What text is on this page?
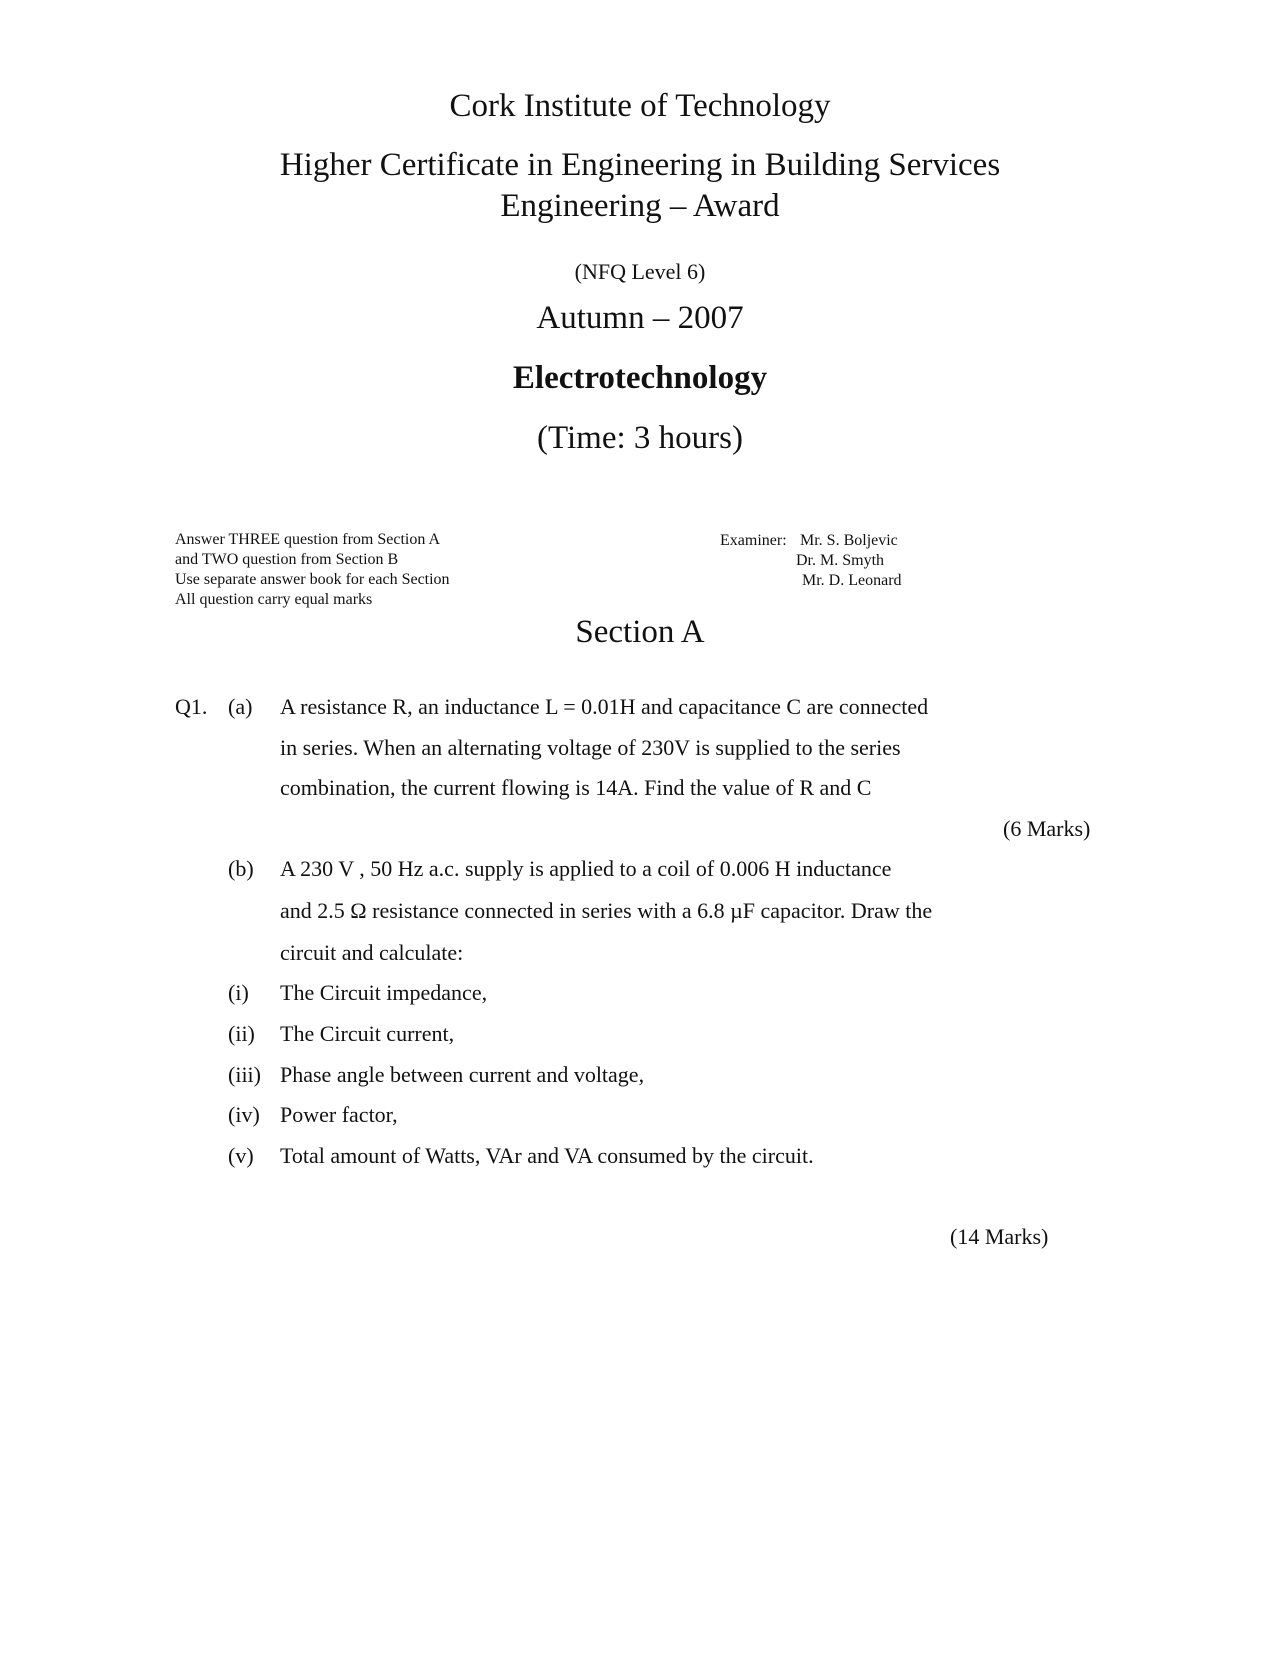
Cork Institute of Technology
Higher Certificate in Engineering in Building Services
Engineering – Award
(NFQ Level 6)
Autumn – 2007
Electrotechnology
(Time: 3 hours)
Answer THREE question from Section A
and TWO question from Section B
Use separate answer book for each Section
All question carry equal marks
Examiner: Mr. S. Boljevic
Dr. M. Smyth
Mr. D. Leonard
Section A
Q1. (a) A resistance R, an inductance L = 0.01H and capacitance C are connected
in series. When an alternating voltage of 230V is supplied to the series
combination, the current flowing is 14A. Find the value of R and C
(6 Marks)
(b) A 230 V , 50 Hz a.c. supply is applied to a coil of 0.006 H inductance
and 2.5 Ω resistance connected in series with a 6.8 µF capacitor. Draw the
circuit and calculate:
(i) The Circuit impedance,
(ii) The Circuit current,
(iii) Phase angle between current and voltage,
(iv) Power factor,
(v) Total amount of Watts, VAr and VA consumed by the circuit.
(14 Marks)
